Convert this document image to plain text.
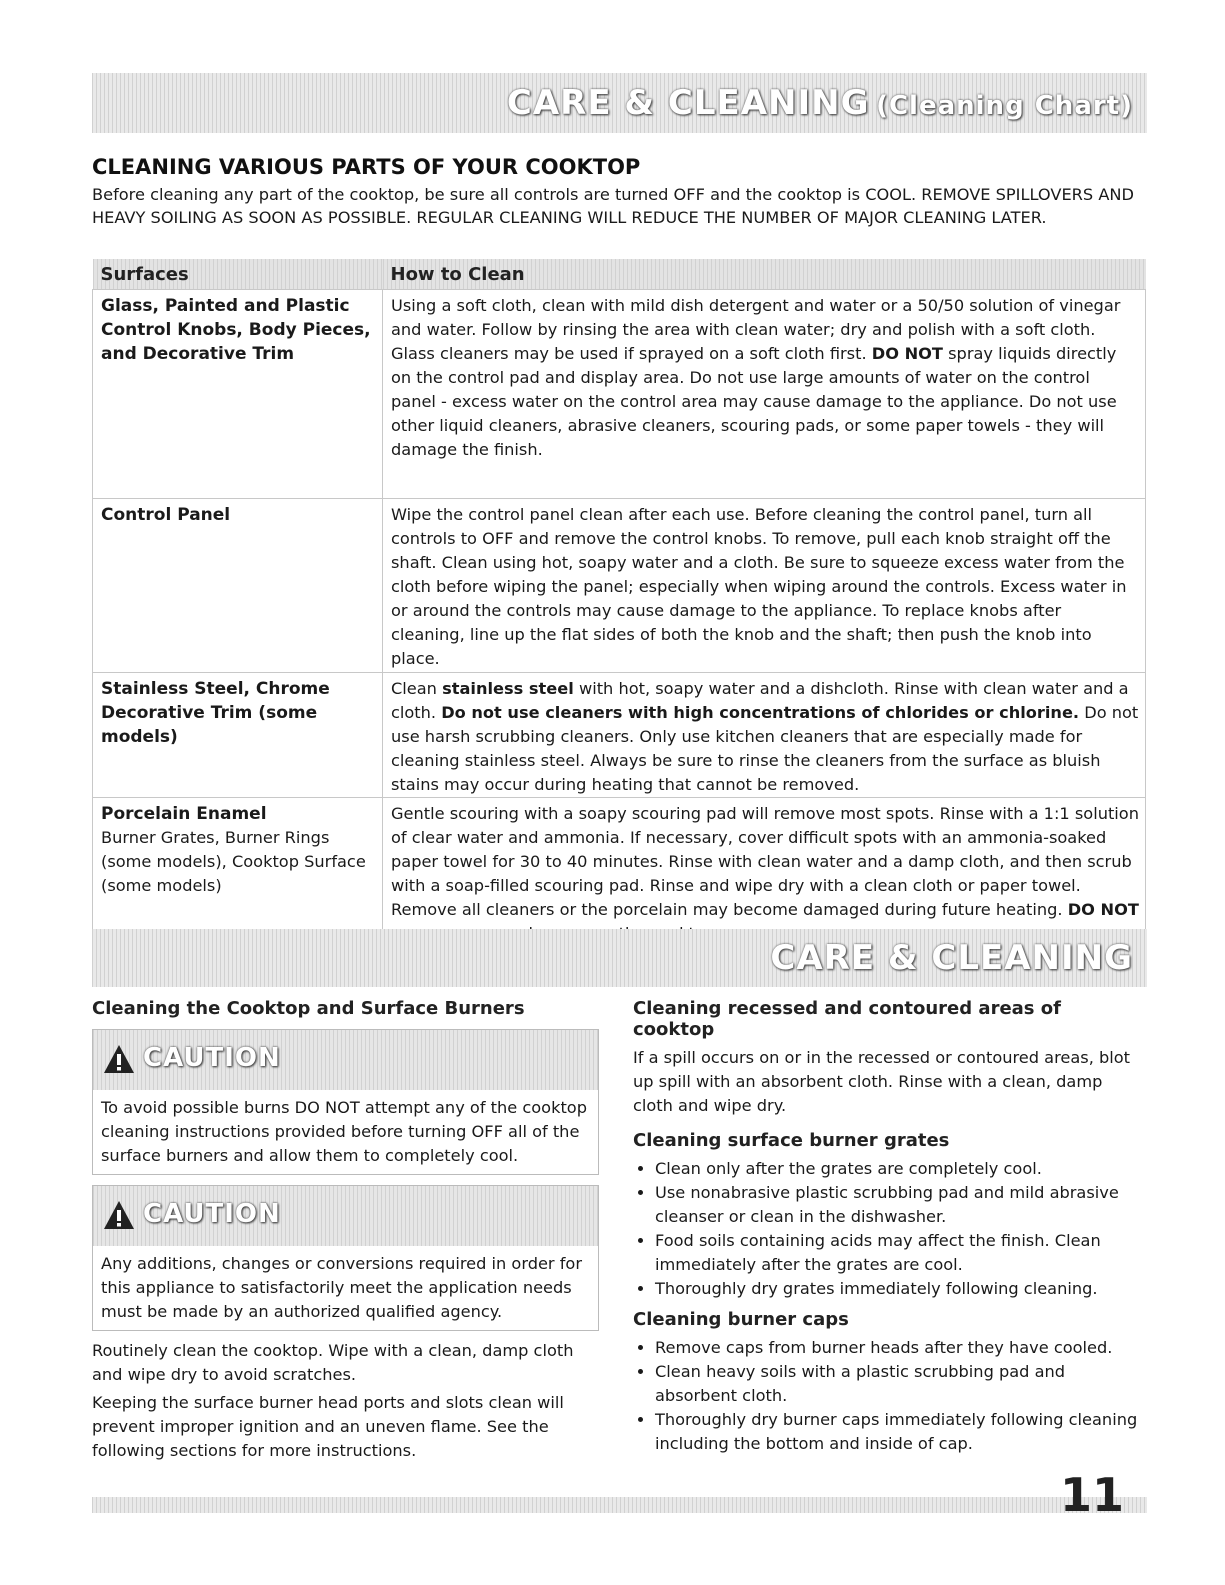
CARE & CLEANING (Cleaning Chart)
CLEANING VARIOUS PARTS OF YOUR COOKTOP

Before cleaning any part of the cooktop, be sure all controls are turned OFF and the cooktop is COOL. REMOVE SPILLOVERS AND HEAVY SOILING AS SOON AS POSSIBLE. REGULAR CLEANING WILL REDUCE THE NUMBER OF MAJOR CLEANING LATER.

Surfaces	How to Clean

Glass, Painted and Plastic Control Knobs, Body Pieces, and Decorative Trim	Using a soft cloth, clean with mild dish detergent and water or a 50/50 solution of vinegar and water. Follow by rinsing the area with clean water; dry and polish with a soft cloth. Glass cleaners may be used if sprayed on a soft cloth first. DO NOT spray liquids directly on the control pad and display area. Do not use large amounts of water on the control panel - excess water on the control area may cause damage to the appliance. Do not use other liquid cleaners, abrasive cleaners, scouring pads, or some paper towels - they will damage the finish.

Control Panel	Wipe the control panel clean after each use. Before cleaning the control panel, turn all controls to OFF and remove the control knobs. To remove, pull each knob straight off the shaft. Clean using hot, soapy water and a cloth. Be sure to squeeze excess water from the cloth before wiping the panel; especially when wiping around the controls. Excess water in or around the controls may cause damage to the appliance. To replace knobs after cleaning, line up the flat sides of both the knob and the shaft; then push the knob into place.

Stainless Steel, Chrome Decorative Trim (some models)	Clean stainless steel with hot, soapy water and a dishcloth. Rinse with clean water and a cloth. Do not use cleaners with high concentrations of chlorides or chlorine. Do not use harsh scrubbing cleaners. Only use kitchen cleaners that are especially made for cleaning stainless steel. Always be sure to rinse the cleaners from the surface as bluish stains may occur during heating that cannot be removed.

Porcelain Enamel
Burner Grates, Burner Rings (some models), Cooktop Surface (some models)	Gentle scouring with a soapy scouring pad will remove most spots. Rinse with a 1:1 solution of clear water and ammonia. If necessary, cover difficult spots with an ammonia-soaked paper towel for 30 to 40 minutes. Rinse with clean water and a damp cloth, and then scrub with a soap-filled scouring pad. Rinse and wipe dry with a clean cloth or paper towel. Remove all cleaners or the porcelain may become damaged during future heating. DO NOT
CARE & CLEANING
Cleaning the Cooktop and Surface Burners
CAUTION
To avoid possible burns DO NOT attempt any of the cooktop cleaning instructions provided before turning OFF all of the surface burners and allow them to completely cool.
CAUTION
Any additions, changes or conversions required in order for this appliance to satisfactorily meet the application needs must be made by an authorized qualified agency.

Routinely clean the cooktop. Wipe with a clean, damp cloth and wipe dry to avoid scratches.

Keeping the surface burner head ports and slots clean will prevent improper ignition and an uneven flame. See the following sections for more instructions.

Cleaning recessed and contoured areas of cooktop

If a spill occurs on or in the recessed or contoured areas, blot up spill with an absorbent cloth. Rinse with a clean, damp cloth and wipe dry.

Cleaning surface burner grates
• Clean only after the grates are completely cool.
• Use nonabrasive plastic scrubbing pad and mild abrasive cleanser or clean in the dishwasher.
• Food soils containing acids may affect the finish. Clean immediately after the grates are cool.
• Thoroughly dry grates immediately following cleaning.
Cleaning burner caps
• Remove caps from burner heads after they have cooled.
• Clean heavy soils with a plastic scrubbing pad and absorbent cloth.
• Thoroughly dry burner caps immediately following cleaning including the bottom and inside of cap.
11
